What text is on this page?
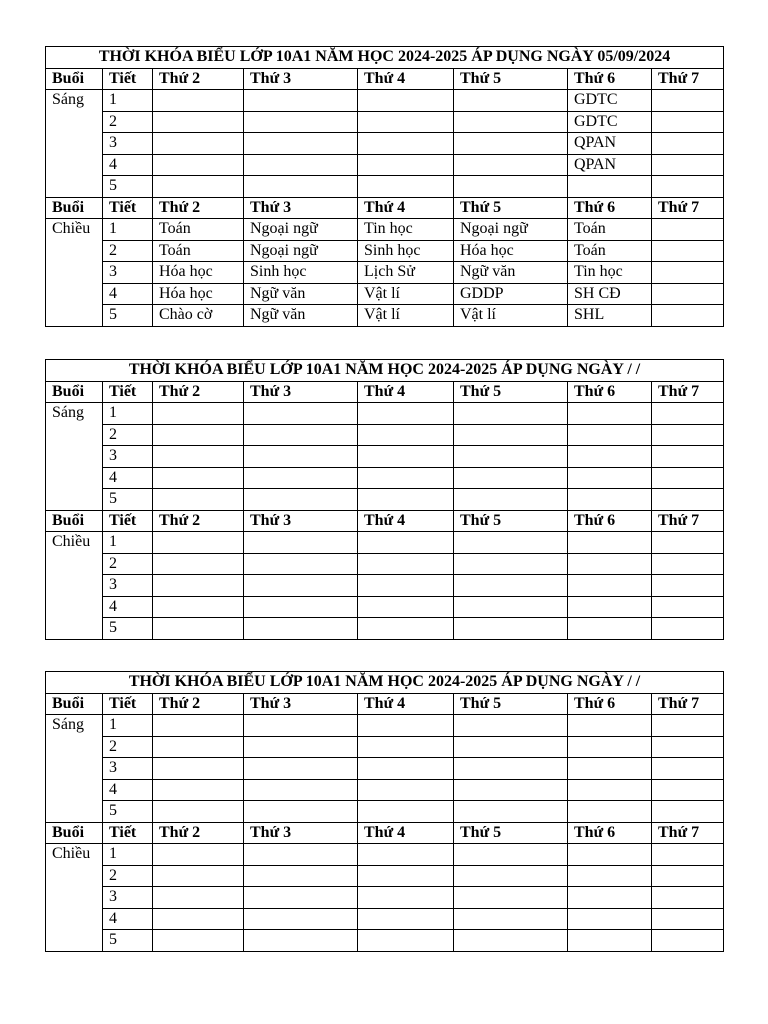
THỜI KHÓA BIỂU LỚP 10A1 NĂM HỌC 2024-2025 ÁP DỤNG NGÀY 05/09/2024							
Buổi	Tiết	Thứ 2	Thứ 3	Thứ 4	Thứ 5	Thứ 6	Thứ 7
Sáng	1					GDTC	
	2					GDTC	
	3					QPAN	
	4					QPAN	
	5						
Buổi	Tiết	Thứ 2	Thứ 3	Thứ 4	Thứ 5	Thứ 6	Thứ 7
Chiều	1	Toán	Ngoại ngữ	Tin học	Ngoại ngữ	Toán	
	2	Toán	Ngoại ngữ	Sinh học	Hóa học	Toán	
	3	Hóa học	Sinh học	Lịch Sử	Ngữ văn	Tin học	
	4	Hóa học	Ngữ văn	Vật lí	GDDP	SH CĐ	
	5	Chào cờ	Ngữ văn	Vật lí	Vật lí	SHL	
THỜI KHÓA BIỂU LỚP 10A1 NĂM HỌC 2024-2025 ÁP DỤNG NGÀY / /							
Buổi	Tiết	Thứ 2	Thứ 3	Thứ 4	Thứ 5	Thứ 6	Thứ 7
Sáng	1						
	2						
	3						
	4						
	5						
Buổi	Tiết	Thứ 2	Thứ 3	Thứ 4	Thứ 5	Thứ 6	Thứ 7
Chiều	1						
	2						
	3						
	4						
	5						
THỜI KHÓA BIỂU LỚP 10A1 NĂM HỌC 2024-2025 ÁP DỤNG NGÀY / /							
Buổi	Tiết	Thứ 2	Thứ 3	Thứ 4	Thứ 5	Thứ 6	Thứ 7
Sáng	1						
	2						
	3						
	4						
	5						
Buổi	Tiết	Thứ 2	Thứ 3	Thứ 4	Thứ 5	Thứ 6	Thứ 7
Chiều	1						
	2						
	3						
	4						
	5						
